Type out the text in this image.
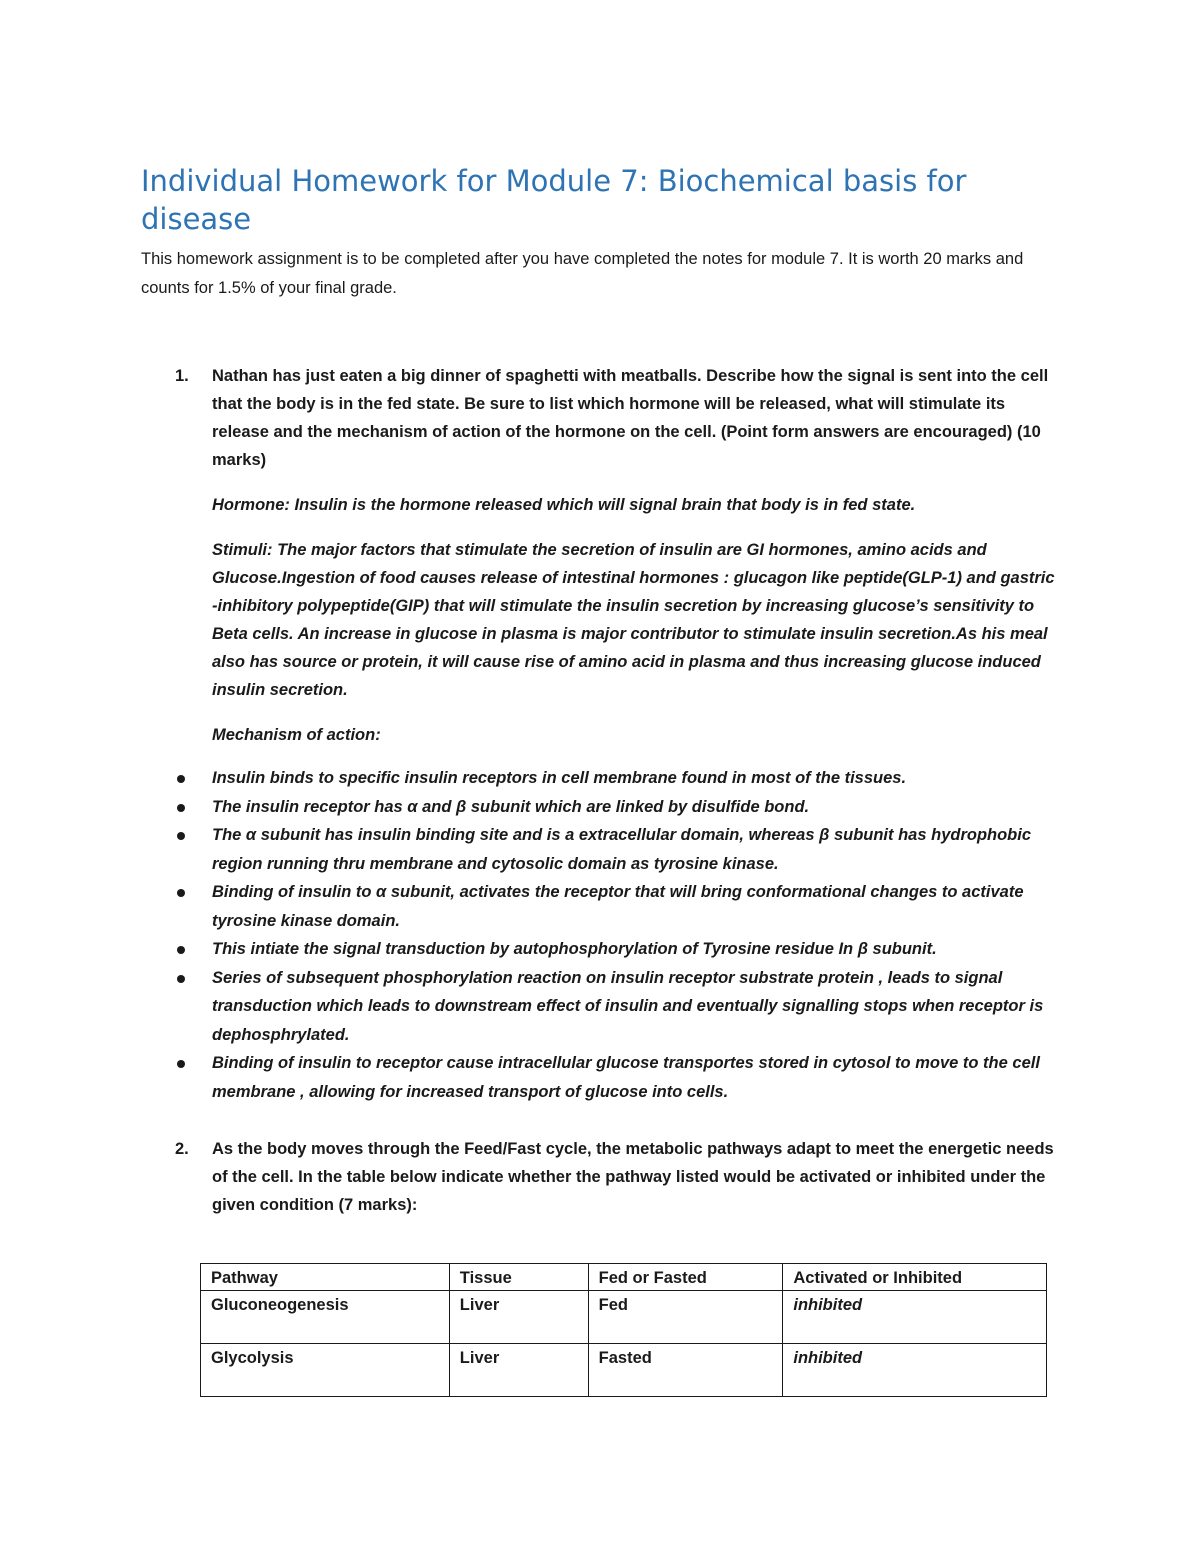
Individual Homework for Module 7: Biochemical basis for disease

This homework assignment is to be completed after you have completed the notes for module 7. It is worth 20 marks and counts for 1.5% of your final grade.

1. Nathan has just eaten a big dinner of spaghetti with meatballs. Describe how the signal is sent into the cell that the body is in the fed state. Be sure to list which hormone will be released, what will stimulate its release and the mechanism of action of the hormone on the cell. (Point form answers are encouraged) (10 marks)

Hormone: Insulin is the hormone released which will signal brain that body is in fed state.

Stimuli: The major factors that stimulate the secretion of insulin are GI hormones, amino acids and Glucose.Ingestion of food causes release of intestinal hormones : glucagon like peptide(GLP-1) and gastric -inhibitory polypeptide(GIP) that will stimulate the insulin secretion by increasing glucose’s sensitivity to Beta cells. An increase in glucose in plasma is major contributor to stimulate insulin secretion.As his meal also has source or protein, it will cause rise of amino acid in plasma and thus increasing glucose induced insulin secretion.

Mechanism of action:

Insulin binds to specific insulin receptors in cell membrane found in most of the tissues.
The insulin receptor has α and β subunit which are linked by disulfide bond.
The α subunit has insulin binding site and is a extracellular domain, whereas β subunit has hydrophobic region running thru membrane and cytosolic domain as tyrosine kinase.
Binding of insulin to α subunit, activates the receptor that will bring conformational changes to activate tyrosine kinase domain.
This intiate the signal transduction by autophosphorylation of Tyrosine residue In β subunit.
Series of subsequent phosphorylation reaction on insulin receptor substrate protein , leads to signal transduction which leads to downstream effect of insulin and eventually signalling stops when receptor is dephosphrylated.
Binding of insulin to receptor cause intracellular glucose transportes stored in cytosol to move to the cell membrane , allowing for increased transport of glucose into cells.
2. As the body moves through the Feed/Fast cycle, the metabolic pathways adapt to meet the energetic needs of the cell. In the table below indicate whether the pathway listed would be activated or inhibited under the given condition (7 marks):

Pathway	Tissue	Fed or Fasted	Activated or Inhibited
Gluconeogenesis	Liver	Fed	inhibited
Glycolysis	Liver	Fasted	inhibited
